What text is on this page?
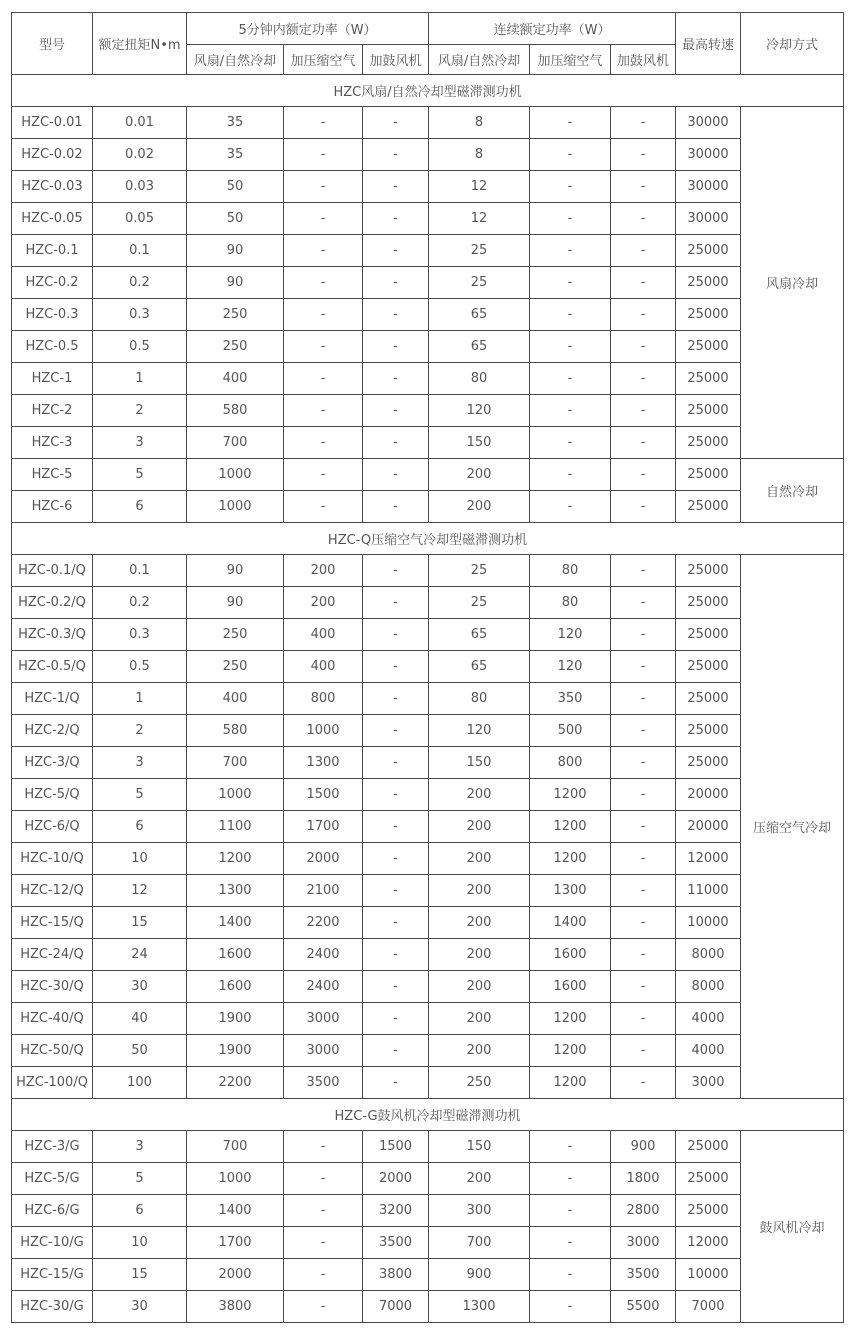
型号	额定扭矩N•m	5分钟内额定功率（W）			连续额定功率（W）			最高转速	冷却方式
		风扇/自然冷却	加压缩空气	加鼓风机	风扇/自然冷却	加压缩空气	加鼓风机		
HZC风扇/自然冷却型磁滞测功机									
HZC-0.01	0.01	35	-	-	8	-	-	30000	风扇冷却
HZC-0.02	0.02	35	-	-	8	-	-	30000	
HZC-0.03	0.03	50	-	-	12	-	-	30000	
HZC-0.05	0.05	50	-	-	12	-	-	30000	
HZC-0.1	0.1	90	-	-	25	-	-	25000	
HZC-0.2	0.2	90	-	-	25	-	-	25000	
HZC-0.3	0.3	250	-	-	65	-	-	25000	
HZC-0.5	0.5	250	-	-	65	-	-	25000	
HZC-1	1	400	-	-	80	-	-	25000	
HZC-2	2	580	-	-	120	-	-	25000	
HZC-3	3	700	-	-	150	-	-	25000	
HZC-5	5	1000	-	-	200	-	-	25000	自然冷却
HZC-6	6	1000	-	-	200	-	-	25000	
HZC-Q压缩空气冷却型磁滞测功机									
HZC-0.1/Q	0.1	90	200	-	25	80	-	25000	压缩空气冷却
HZC-0.2/Q	0.2	90	200	-	25	80	-	25000	
HZC-0.3/Q	0.3	250	400	-	65	120	-	25000	
HZC-0.5/Q	0.5	250	400	-	65	120	-	25000	
HZC-1/Q	1	400	800	-	80	350	-	25000	
HZC-2/Q	2	580	1000	-	120	500	-	25000	
HZC-3/Q	3	700	1300	-	150	800	-	25000	
HZC-5/Q	5	1000	1500	-	200	1200	-	20000	
HZC-6/Q	6	1100	1700	-	200	1200	-	20000	
HZC-10/Q	10	1200	2000	-	200	1200	-	12000	
HZC-12/Q	12	1300	2100	-	200	1300	-	11000	
HZC-15/Q	15	1400	2200	-	200	1400	-	10000	
HZC-24/Q	24	1600	2400	-	200	1600	-	8000	
HZC-30/Q	30	1600	2400	-	200	1600	-	8000	
HZC-40/Q	40	1900	3000	-	200	1200	-	4000	
HZC-50/Q	50	1900	3000	-	200	1200	-	4000	
HZC-100/Q	100	2200	3500	-	250	1200	-	3000	
HZC-G鼓风机冷却型磁滞测功机									
HZC-3/G	3	700	-	1500	150	-	900	25000	鼓风机冷却
HZC-5/G	5	1000	-	2000	200	-	1800	25000	
HZC-6/G	6	1400	-	3200	300	-	2800	25000	
HZC-10/G	10	1700	-	3500	700	-	3000	12000	
HZC-15/G	15	2000	-	3800	900	-	3500	10000	
HZC-30/G	30	3800	-	7000	1300	-	5500	7000	
